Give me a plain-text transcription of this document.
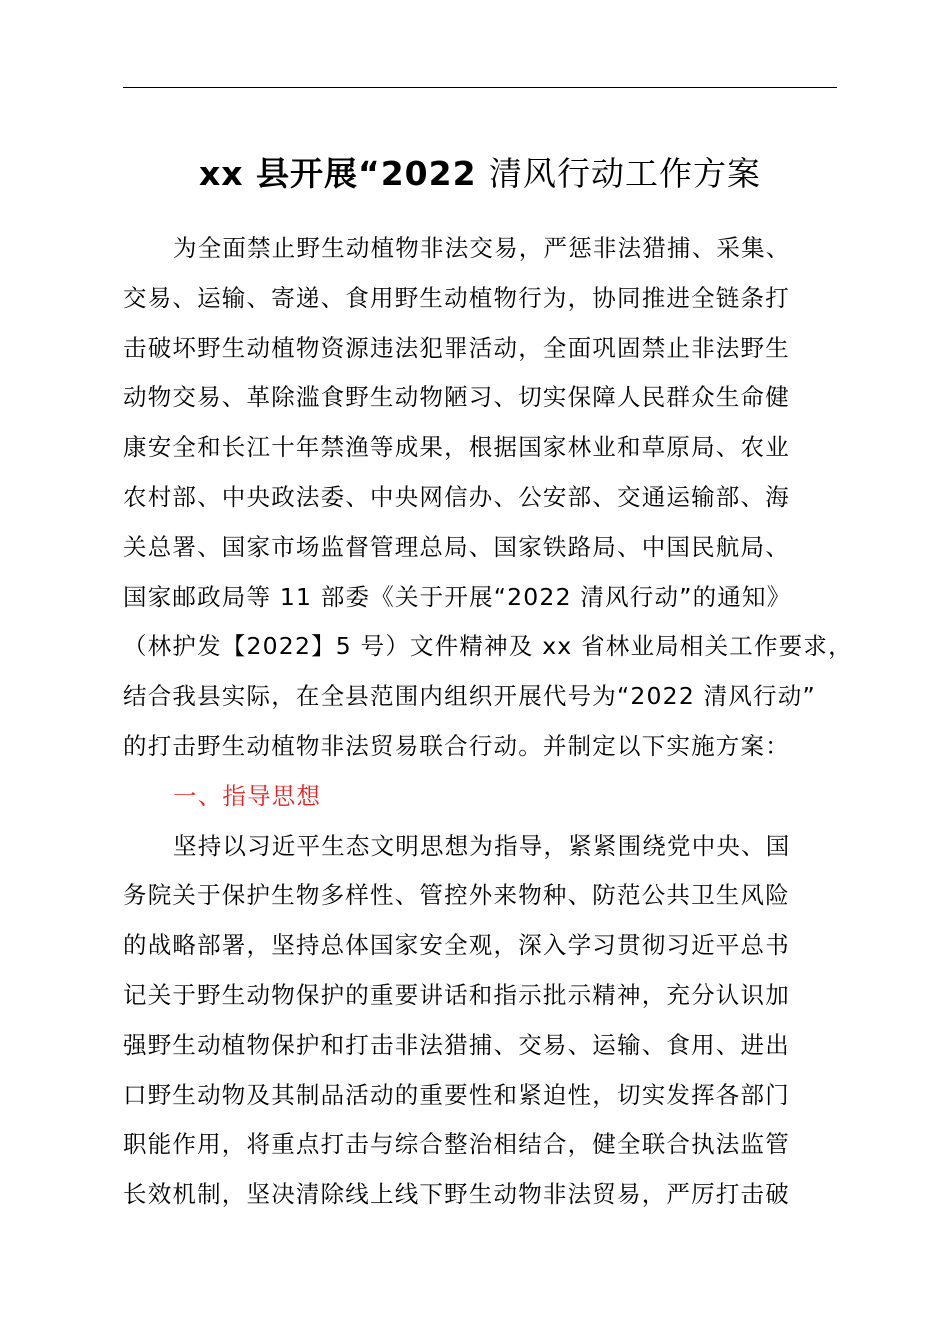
xx 县开展“2022 清风行动工作方案
为全面禁止野生动植物非法交易，严惩非法猎捕、采集、
交易、运输、寄递、食用野生动植物行为，协同推进全链条打
击破坏野生动植物资源违法犯罪活动，全面巩固禁止非法野生
动物交易、革除滥食野生动物陋习、切实保障人民群众生命健
康安全和长江十年禁渔等成果，根据国家林业和草原局、农业
农村部、中央政法委、中央网信办、公安部、交通运输部、海
关总署、国家市场监督管理总局、国家铁路局、中国民航局、
国家邮政局等 11 部委《关于开展“2022 清风行动”的通知》
（林护发【2022】5 号）文件精神及 xx 省林业局相关工作要求，
结合我县实际，在全县范围内组织开展代号为“2022 清风行动”
的打击野生动植物非法贸易联合行动。并制定以下实施方案：
一、指导思想
坚持以习近平生态文明思想为指导，紧紧围绕党中央、国
务院关于保护生物多样性、管控外来物种、防范公共卫生风险
的战略部署，坚持总体国家安全观，深入学习贯彻习近平总书
记关于野生动物保护的重要讲话和指示批示精神，充分认识加
强野生动植物保护和打击非法猎捕、交易、运输、食用、进出
口野生动物及其制品活动的重要性和紧迫性，切实发挥各部门
职能作用，将重点打击与综合整治相结合，健全联合执法监管
长效机制，坚决清除线上线下野生动物非法贸易，严厉打击破
